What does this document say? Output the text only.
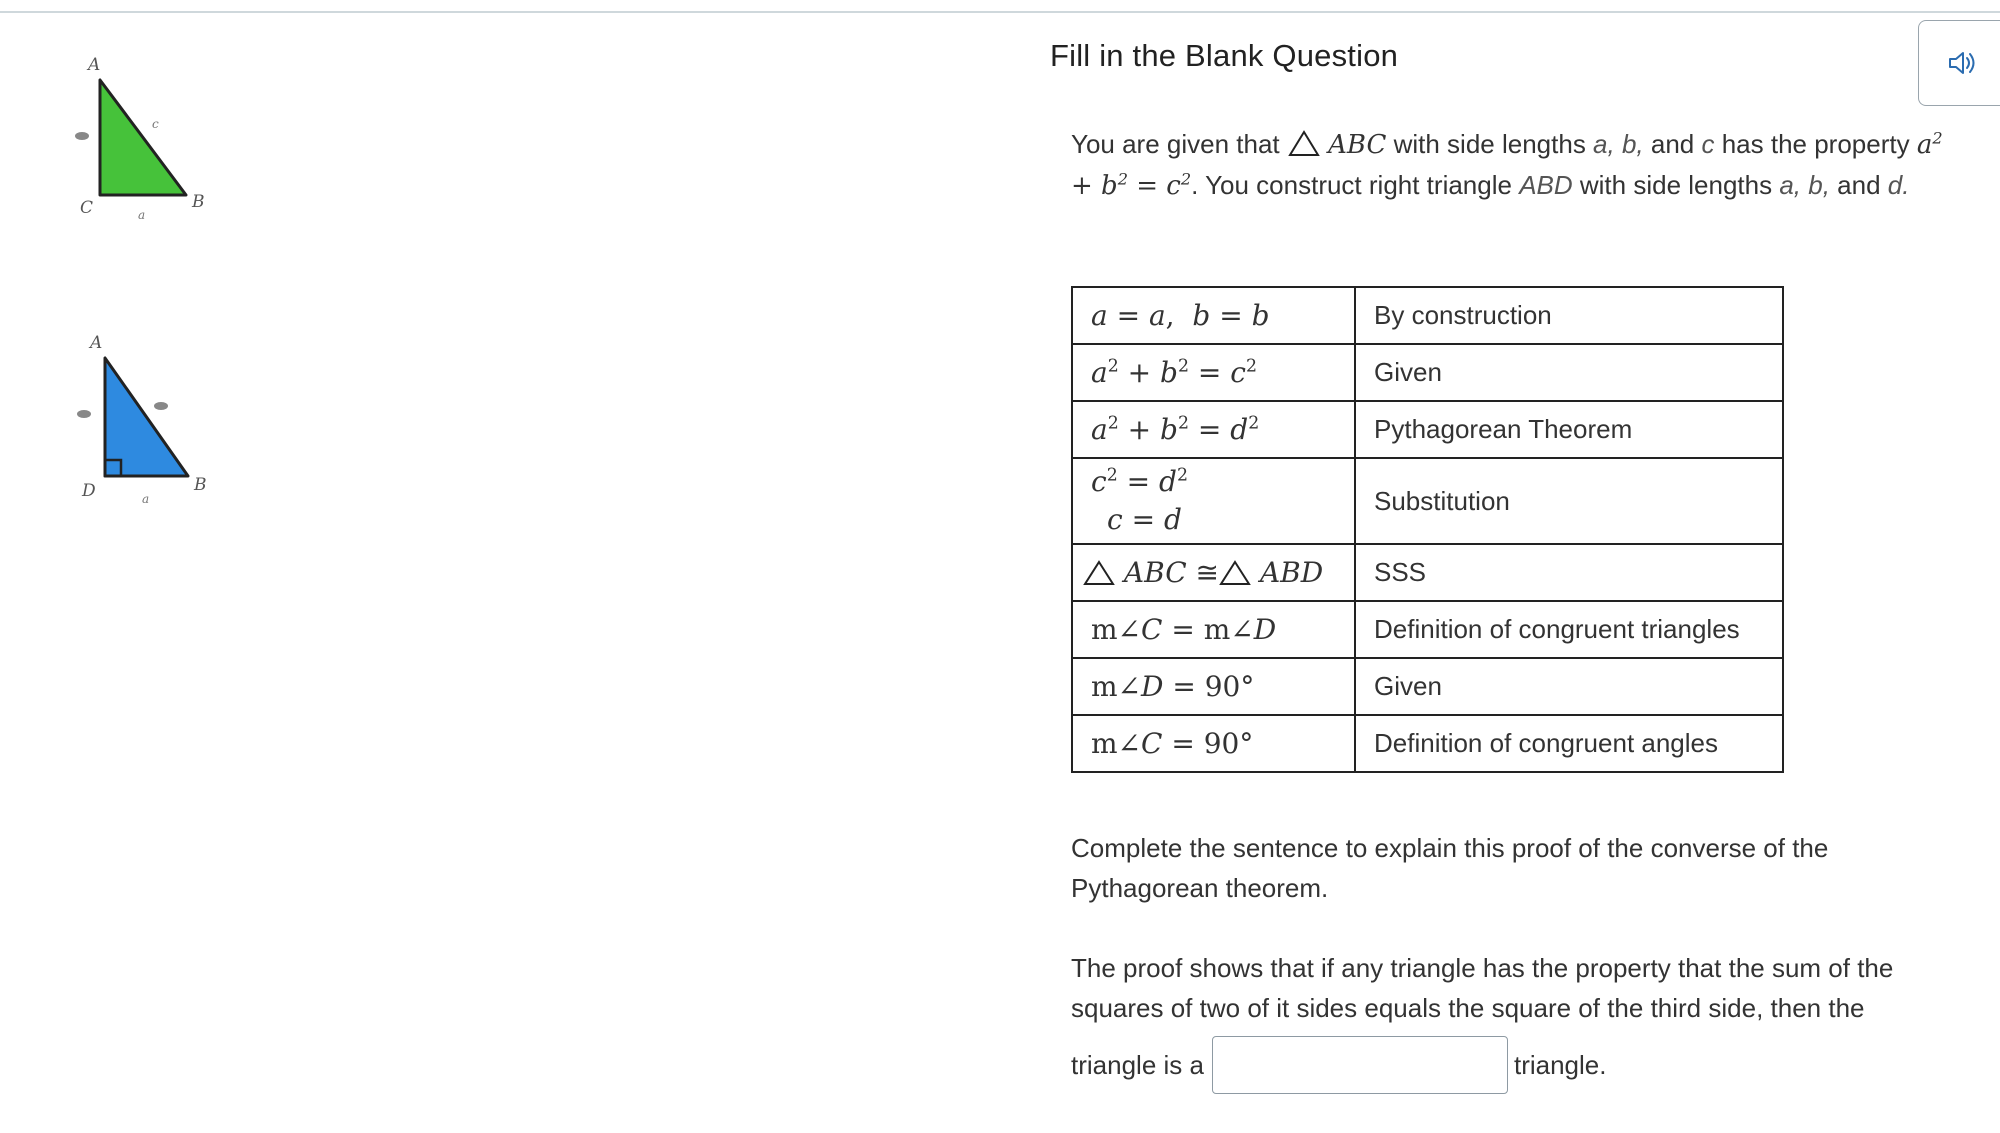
A
C	B
a
c
A
D	B
a
Fill in the Blank Question
You are given that  ABC with side lengths a, b, and c has the property $a^2 + b^2 = c^2$. You construct right triangle ABD with side lengths a, b, and d.
a = a,  b = b	By construction
$a^2 + b^2 = c^2$	Given
$a^2 + b^2 = d^2$	Pythagorean Theorem

$c^2 = d^2$
c = d	Substitution
ABC ≅ ABD	SSS
m∠C = m∠D	Definition of congruent triangles
m∠D = 90°	Given
m∠C = 90°	Definition of congruent angles
Complete the sentence to explain this proof of the converse of the Pythagorean theorem.
The proof shows that if any triangle has the property that the sum of the squares of two of it sides equals the square of the third side, then the
triangle is a	triangle.
